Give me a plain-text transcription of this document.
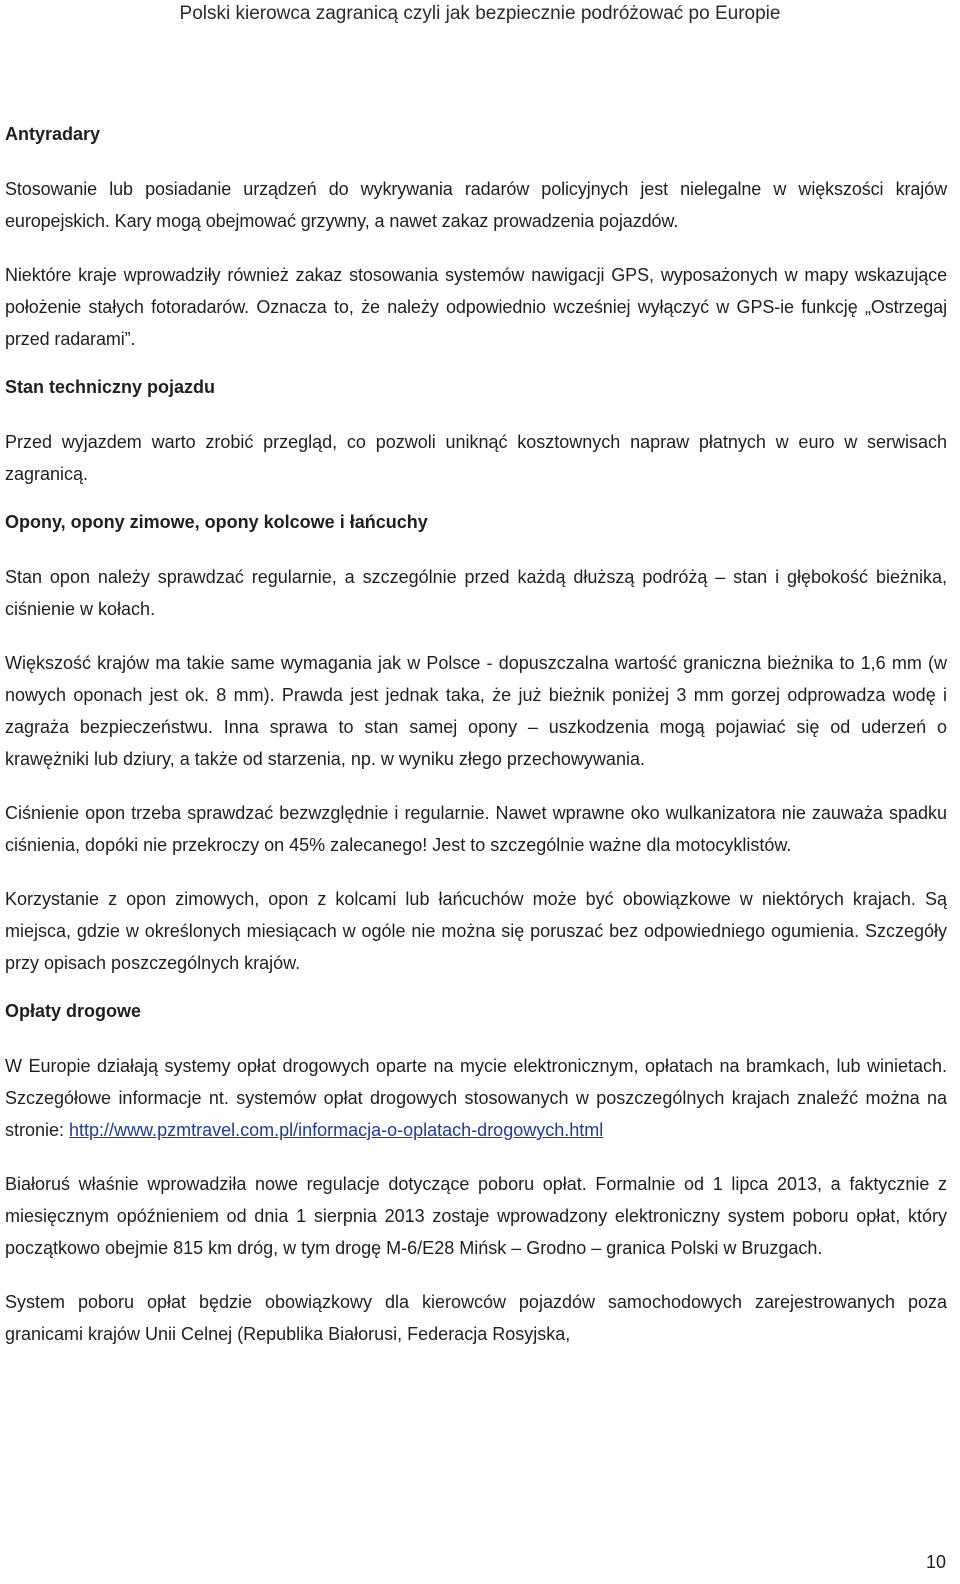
Polski kierowca zagranicą czyli jak bezpiecznie podróżować po Europie
Antyradary
Stosowanie lub posiadanie urządzeń do wykrywania radarów policyjnych jest nielegalne w większości krajów europejskich. Kary mogą obejmować grzywny, a nawet zakaz prowadzenia pojazdów.
Niektóre kraje wprowadziły również zakaz stosowania systemów nawigacji GPS, wyposażonych w mapy wskazujące położenie stałych fotoradarów. Oznacza to, że należy odpowiednio wcześniej wyłączyć w GPS-ie funkcję „Ostrzegaj przed radarami”.
Stan techniczny pojazdu
Przed wyjazdem warto zrobić przegląd, co pozwoli uniknąć kosztownych napraw płatnych w euro w serwisach zagranicą.
Opony, opony zimowe, opony kolcowe i łańcuchy
Stan opon należy sprawdzać regularnie, a szczególnie przed każdą dłuższą podróżą – stan i głębokość bieżnika, ciśnienie w kołach.
Większość krajów ma takie same wymagania jak w Polsce - dopuszczalna wartość graniczna bieżnika to 1,6 mm (w nowych oponach jest ok. 8 mm). Prawda jest jednak taka, że już bieżnik poniżej 3 mm gorzej odprowadza wodę i zagraża bezpieczeństwu. Inna sprawa to stan samej opony – uszkodzenia mogą pojawiać się od uderzeń o krawężniki lub dziury, a także od starzenia, np. w wyniku złego przechowywania.
Ciśnienie opon trzeba sprawdzać bezwzględnie i regularnie. Nawet wprawne oko wulkanizatora nie zauważa spadku ciśnienia, dopóki nie przekroczy on 45% zalecanego! Jest to szczególnie ważne dla motocyklistów.
Korzystanie z opon zimowych, opon z kolcami lub łańcuchów może być obowiązkowe w niektórych krajach. Są miejsca, gdzie w określonych miesiącach w ogóle nie można się poruszać bez odpowiedniego ogumienia. Szczegóły przy opisach poszczególnych krajów.
Opłaty drogowe
W Europie działają systemy opłat drogowych oparte na mycie elektronicznym, opłatach na bramkach, lub winietach. Szczegółowe informacje nt. systemów opłat drogowych stosowanych w poszczególnych krajach znaleźć można na stronie: http://www.pzmtravel.com.pl/informacja-o-oplatach-drogowych.html
Białoruś właśnie wprowadziła nowe regulacje dotyczące poboru opłat. Formalnie od 1 lipca 2013, a faktycznie z miesięcznym opóźnieniem od dnia 1 sierpnia 2013 zostaje wprowadzony elektroniczny system poboru opłat, który początkowo obejmie 815 km dróg, w tym drogę M-6/E28 Mińsk – Grodno – granica Polski w Bruzgach.
System poboru opłat będzie obowiązkowy dla kierowców pojazdów samochodowych zarejestrowanych poza granicami krajów Unii Celnej (Republika Białorusi, Federacja Rosyjska,
10
